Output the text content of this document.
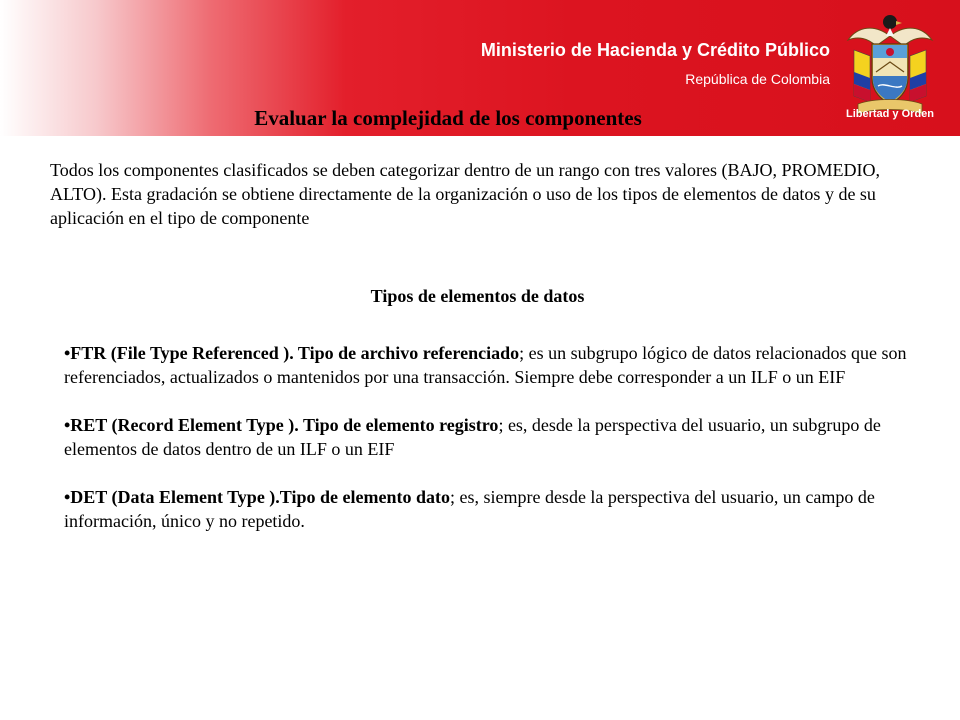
Ministerio de Hacienda y Crédito Público
República de Colombia
Libertad y Orden
Evaluar la complejidad de los componentes
Todos los componentes clasificados se deben categorizar dentro de un rango con tres valores (BAJO, PROMEDIO, ALTO). Esta gradación se obtiene directamente de la organización o uso de los tipos de elementos de datos y de su aplicación en el tipo de componente
Tipos de elementos de datos

•FTR (File Type Referenced ). Tipo de archivo referenciado; es un subgrupo lógico de datos relacionados que son referenciados, actualizados o mantenidos por una transacción. Siempre debe corresponder a un ILF o un EIF

•RET (Record Element Type ). Tipo de elemento registro; es, desde la perspectiva del usuario, un subgrupo de elementos de datos dentro de un ILF o un EIF

•DET (Data Element Type ).Tipo de elemento dato; es, siempre desde la perspectiva del usuario, un campo de información, único y no repetido.
